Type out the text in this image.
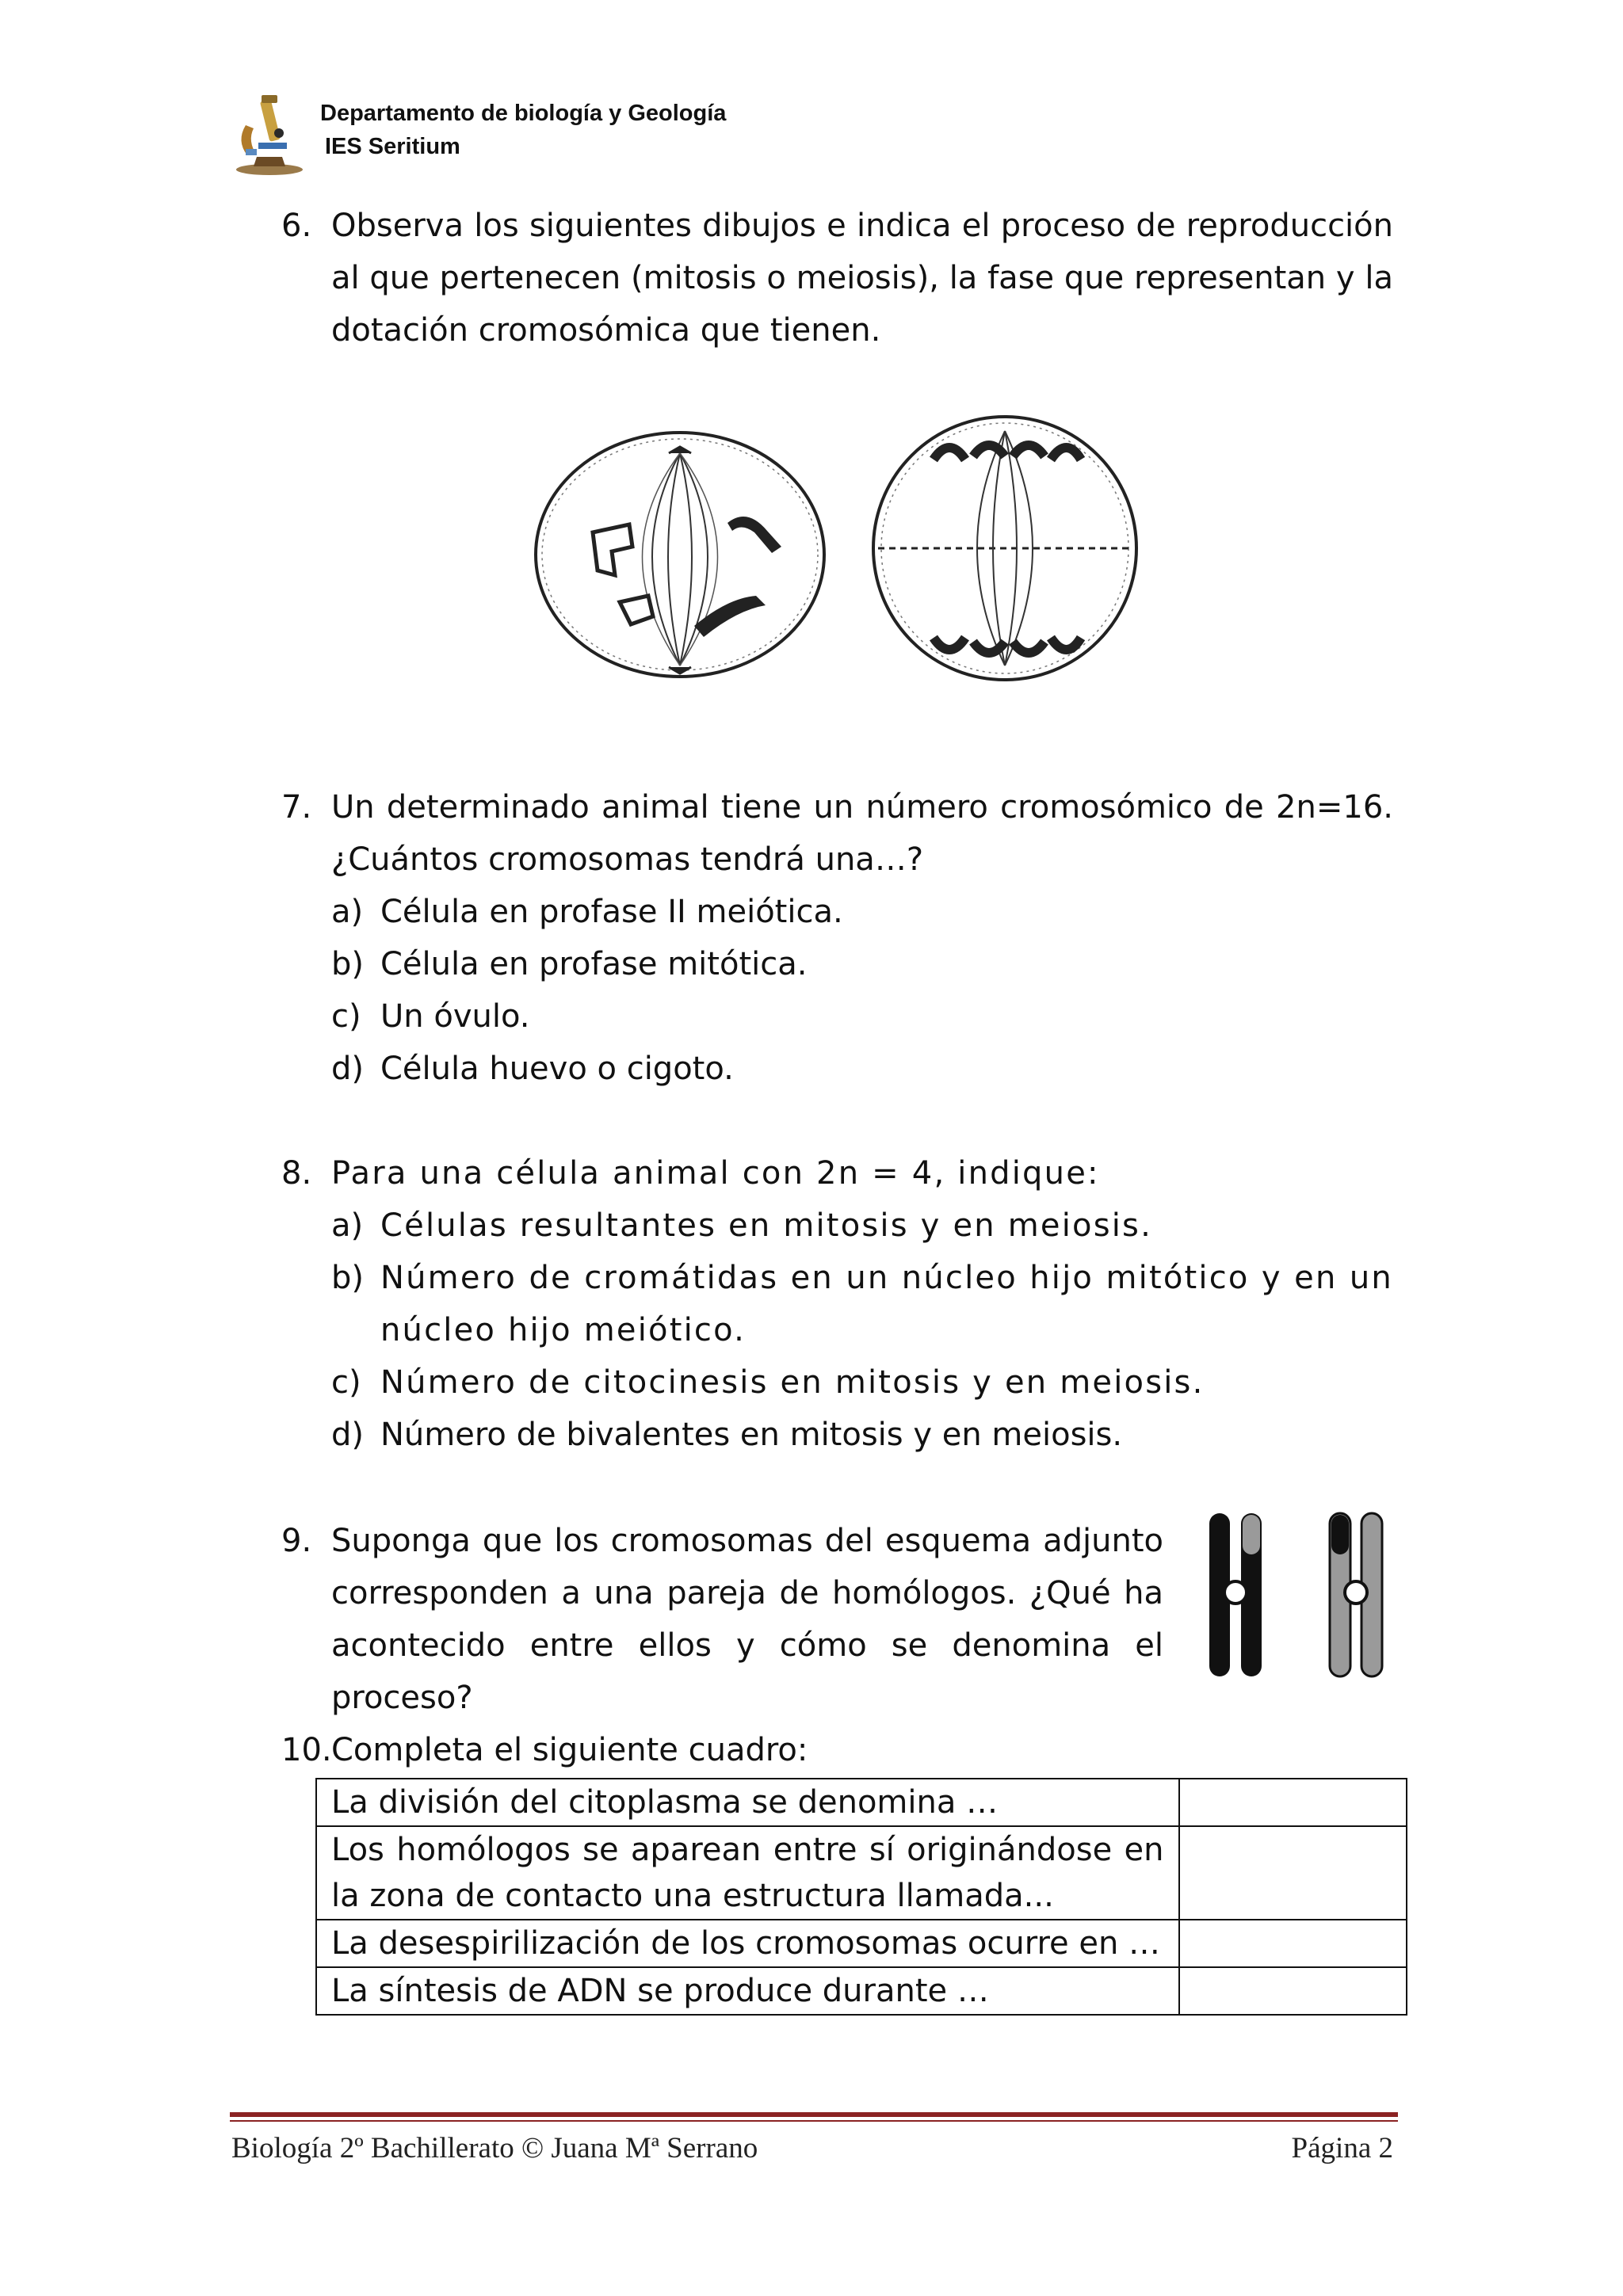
Departamento de biología y Geología
IES Seritium
6. Observa los siguientes dibujos e indica el proceso de reproducción al que pertenecen (mitosis o meiosis), la fase que representan y la dotación cromosómica que tienen.
7. Un determinado animal tiene un número cromosómico de 2n=16. ¿Cuántos cromosomas tendrá una…?
a) Célula en profase II meiótica.
b) Célula en profase mitótica.
c) Un óvulo.
d) Célula huevo o cigoto.
8. Para una célula animal con 2n = 4, indique:
a) Células resultantes en mitosis y en meiosis.
b) Número de cromátidas en un núcleo hijo mitótico y en un núcleo hijo meiótico.
c) Número de citocinesis en mitosis y en meiosis.
d) Número de bivalentes en mitosis y en meiosis.
9. Suponga que los cromosomas del esquema adjunto corresponden a una pareja de homólogos. ¿Qué ha acontecido entre ellos y cómo se denomina el proceso?
10. Completa el siguiente cuadro:
La división del citoplasma se denomina …	
Los homólogos se aparean entre sí originándose en la zona de contacto una estructura llamada...	
La desespirilización de los cromosomas ocurre en …	
La síntesis de ADN se produce durante …	
Biología 2º Bachillerato © Juana Mª Serrano	Página 2
